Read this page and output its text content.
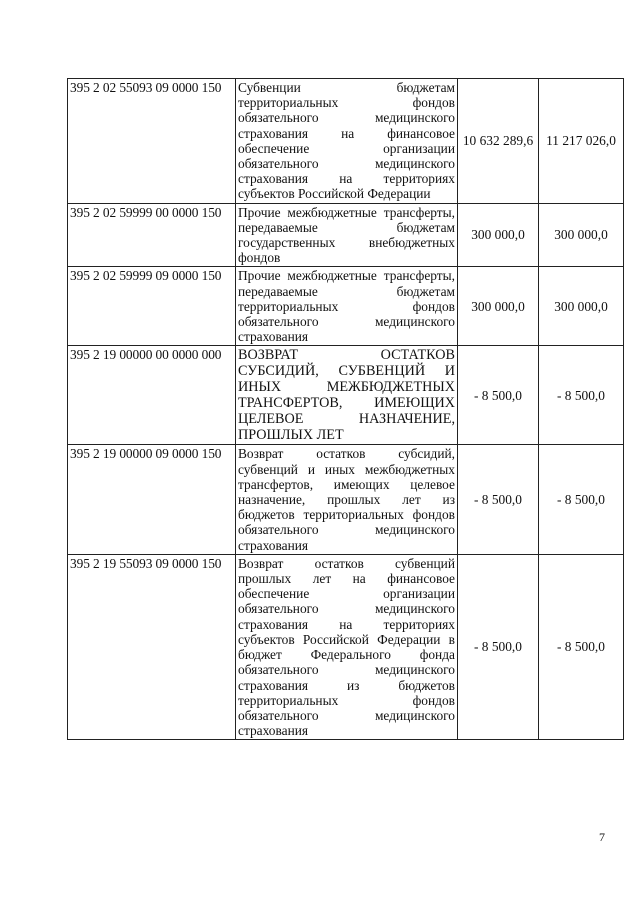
395 2 02 55093 09 0000 150	Субвенции бюджетам территориальных фондов обязательного медицинского страхования на финансовое обеспечение организации обязательного медицинского страхования на территориях субъектов Российской Федерации	10 632 289,6	11 217 026,0
395 2 02 59999 00 0000 150	Прочие межбюджетные трансферты, передаваемые бюджетам государственных внебюджетных фондов	300 000,0	300 000,0
395 2 02 59999 09 0000 150	Прочие межбюджетные трансферты, передаваемые бюджетам территориальных фондов обязательного медицинского страхования	300 000,0	300 000,0
395 2 19 00000 00 0000 000	ВОЗВРАТ ОСТАТКОВ СУБСИДИЙ, СУБВЕНЦИЙ И ИНЫХ МЕЖБЮДЖЕТНЫХ ТРАНСФЕРТОВ, ИМЕЮЩИХ ЦЕЛЕВОЕ НАЗНАЧЕНИЕ, ПРОШЛЫХ ЛЕТ	- 8 500,0	- 8 500,0
395 2 19 00000 09 0000 150	Возврат остатков субсидий, субвенций и иных межбюджетных трансфертов, имеющих целевое назначение, прошлых лет из бюджетов территориальных фондов обязательного медицинского страхования	- 8 500,0	- 8 500,0
395 2 19 55093 09 0000 150	Возврат остатков субвенций прошлых лет на финансовое обеспечение организации обязательного медицинского страхования на территориях субъектов Российской Федерации в бюджет Федерального фонда обязательного медицинского страхования из бюджетов территориальных фондов обязательного медицинского страхования	- 8 500,0	- 8 500,0
7
